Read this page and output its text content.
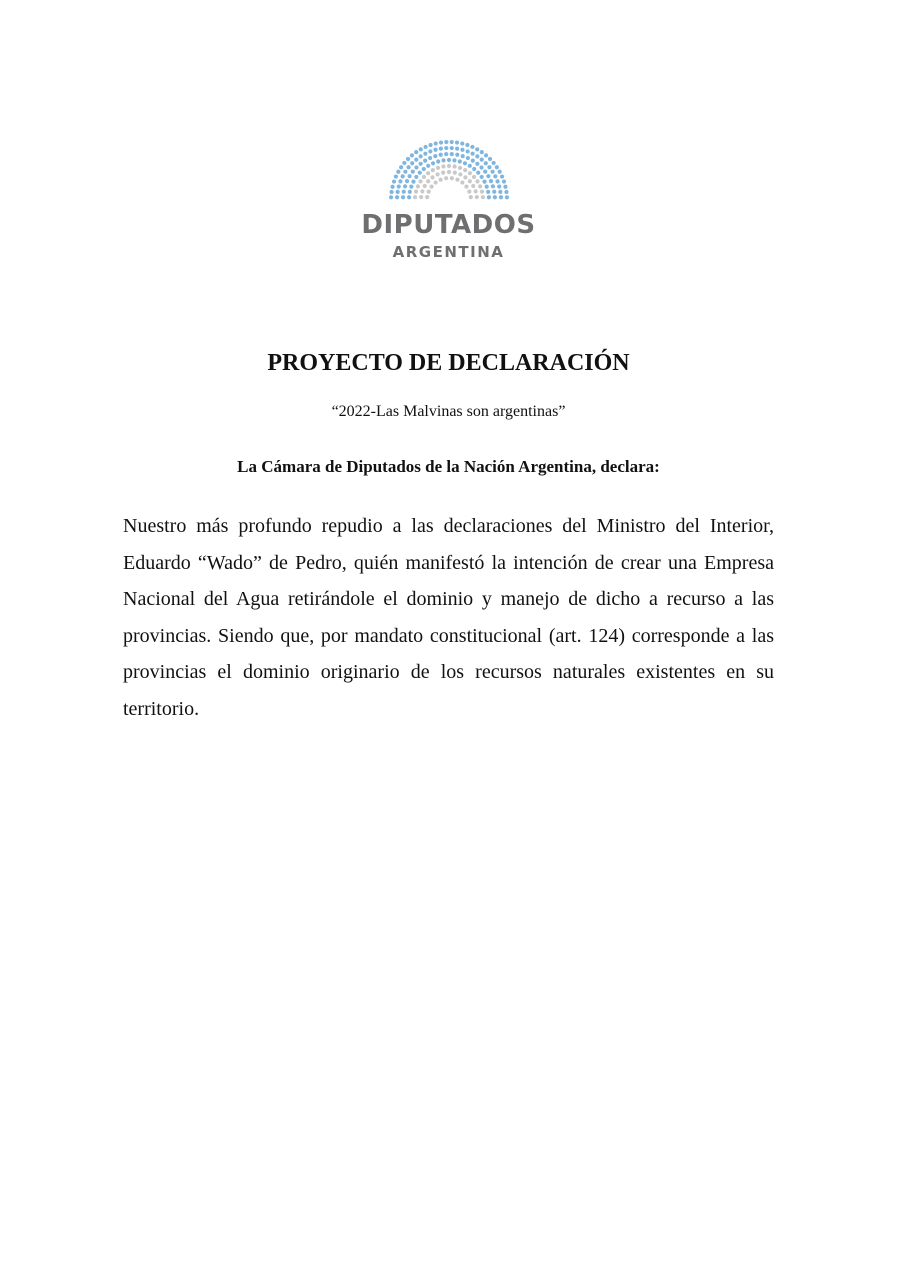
DIPUTADOS
ARGENTINA
PROYECTO DE DECLARACIÓN
“2022-Las Malvinas son argentinas”
La Cámara de Diputados de la Nación Argentina, declara:
Nuestro más profundo repudio a las declaraciones del Ministro del Interior, Eduardo “Wado” de Pedro, quién manifestó la intención de crear una Empresa Nacional del Agua retirándole el dominio y manejo de dicho a recurso a las provincias. Siendo que, por mandato constitucional (art. 124) corresponde a las provincias el dominio originario de los recursos naturales existentes en su territorio.
